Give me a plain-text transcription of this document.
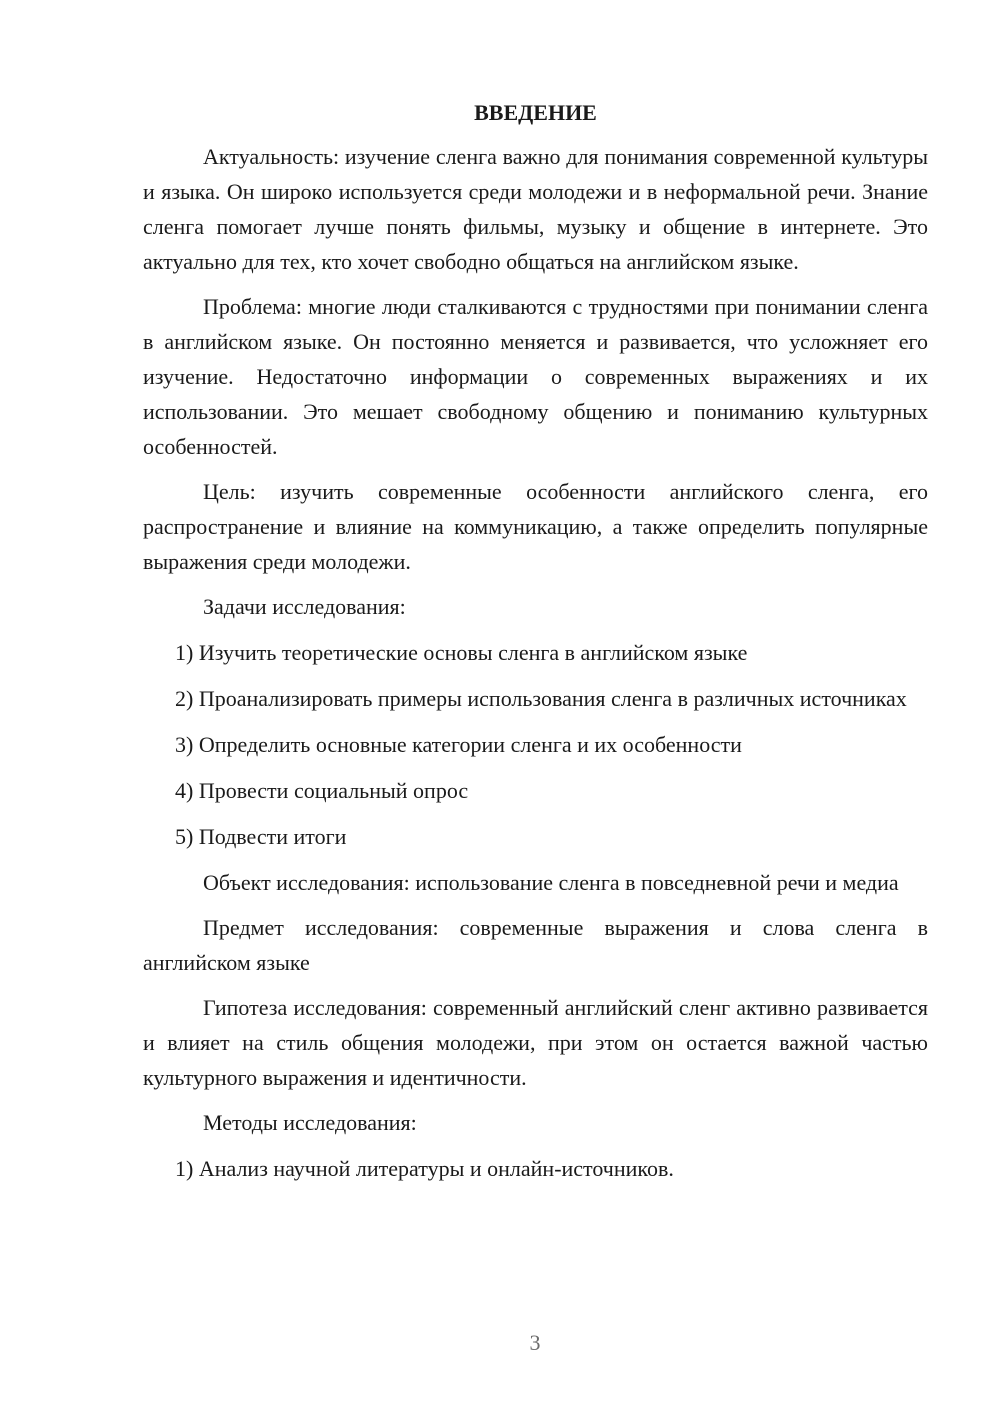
ВВЕДЕНИЕ

Актуальность: изучение сленга важно для понимания современной культуры и языка. Он широко используется среди молодежи и в неформальной речи. Знание сленга помогает лучше понять фильмы, музыку и общение в интернете. Это актуально для тех, кто хочет свободно общаться на английском языке.

Проблема: многие люди сталкиваются с трудностями при понимании сленга в английском языке. Он постоянно меняется и развивается, что усложняет его изучение. Недостаточно информации о современных выражениях и их использовании. Это мешает свободному общению и пониманию культурных особенностей.

Цель: изучить современные особенности английского сленга, его распространение и влияние на коммуникацию, а также определить популярные выражения среди молодежи.

Задачи исследования:

1) Изучить теоретические основы сленга в английском языке

2) Проанализировать примеры использования сленга в различных источниках

3) Определить основные категории сленга и их особенности

4) Провести социальный опрос

5) Подвести итоги

Объект исследования: использование сленга в повседневной речи и медиа

Предмет исследования: современные выражения и слова сленга в английском языке

Гипотеза исследования: современный английский сленг активно развивается и влияет на стиль общения молодежи, при этом он остается важной частью культурного выражения и идентичности.

Методы исследования:

1) Анализ научной литературы и онлайн-источников.

3
